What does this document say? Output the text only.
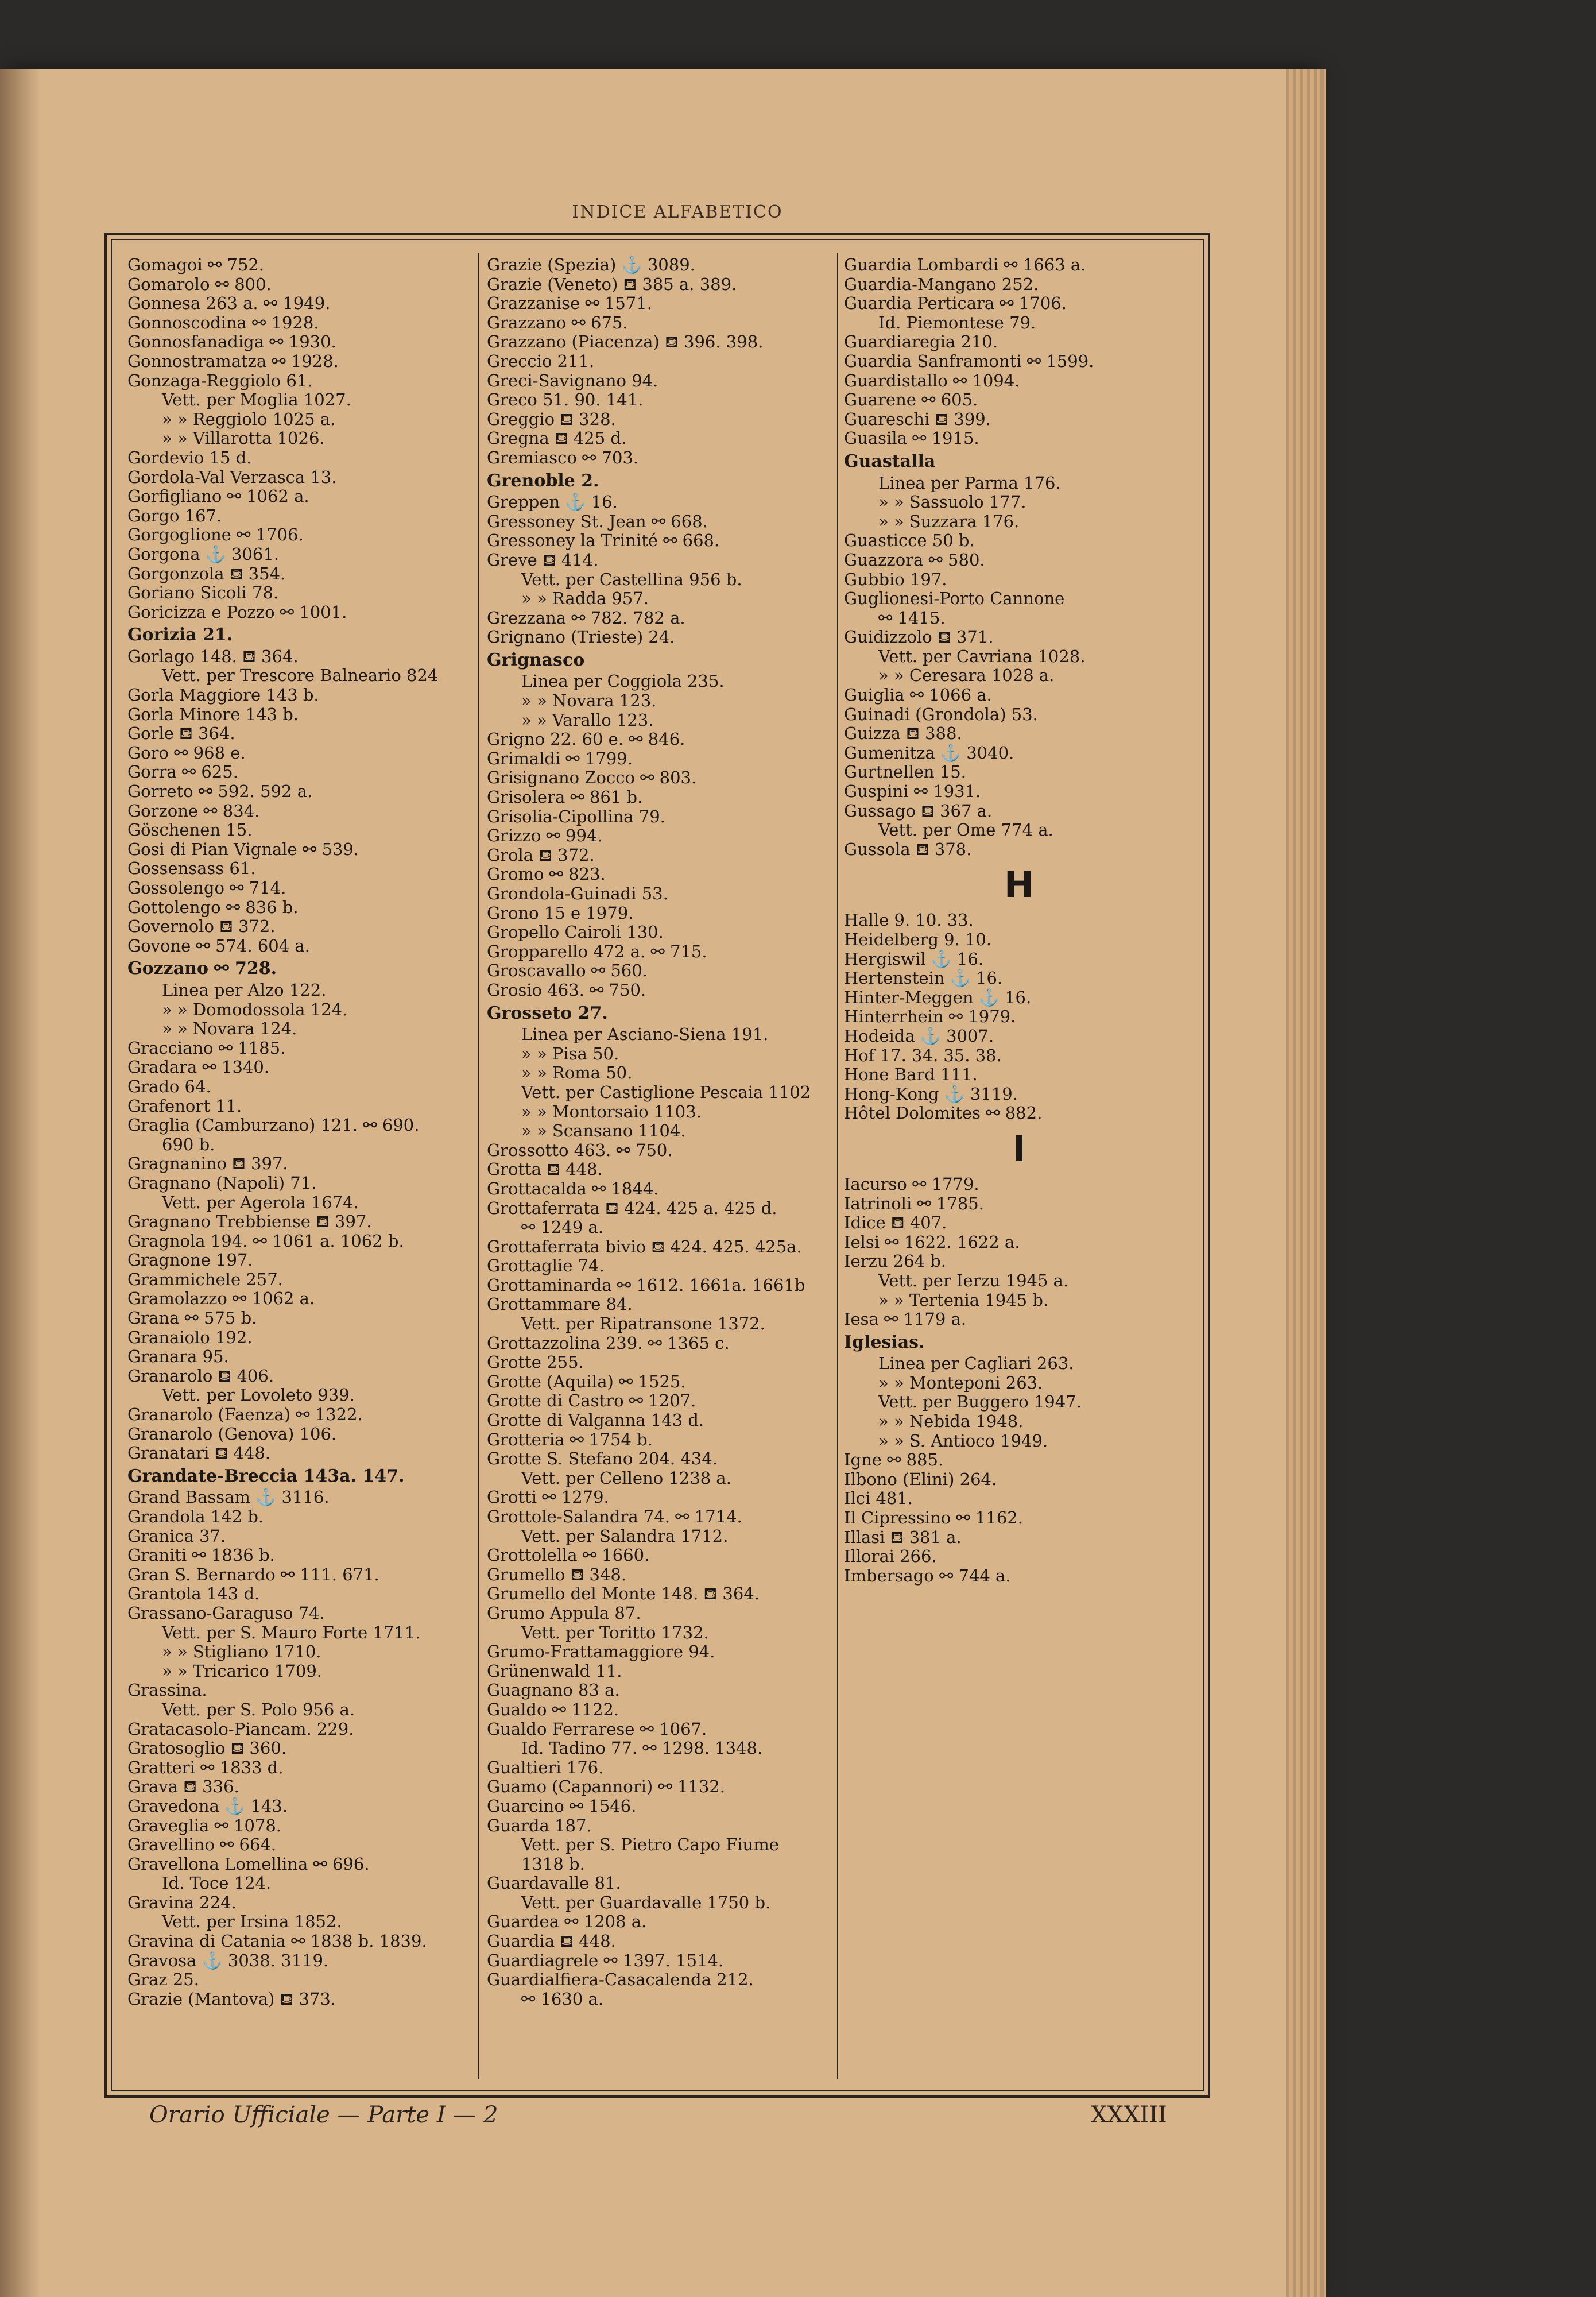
INDICE ALFABETICO
Gomagoi ⚯ 752.
Gomarolo ⚯ 800.
Gonnesa 263 a. ⚯ 1949.
Gonnoscodina ⚯ 1928.
Gonnosfanadiga ⚯ 1930.
Gonnostramatza ⚯ 1928.
Gonzaga-Reggiolo 61.
Vett. per Moglia 1027.
» » Reggiolo 1025 a.
» » Villarotta 1026.
Gordevio 15 d.
Gordola-Val Verzasca 13.
Gorfigliano ⚯ 1062 a.
Gorgo 167.
Gorgoglione ⚯ 1706.
Gorgona ⚓ 3061.
Gorgonzola ⛾ 354.
Goriano Sicoli 78.
Goricizza e Pozzo ⚯ 1001.
Gorizia 21.
Gorlago 148. ⛾ 364.
Vett. per Trescore Balneario 824
Gorla Maggiore 143 b.
Gorla Minore 143 b.
Gorle ⛾ 364.
Goro ⚯ 968 e.
Gorra ⚯ 625.
Gorreto ⚯ 592. 592 a.
Gorzone ⚯ 834.
Göschenen 15.
Gosi di Pian Vignale ⚯ 539.
Gossensass 61.
Gossolengo ⚯ 714.
Gottolengo ⚯ 836 b.
Governolo ⛾ 372.
Govone ⚯ 574. 604 a.
Gozzano ⚯ 728.
Linea per Alzo 122.
» » Domodossola 124.
» » Novara 124.
Gracciano ⚯ 1185.
Gradara ⚯ 1340.
Grado 64.
Grafenort 11.
Graglia (Camburzano) 121. ⚯ 690.
690 b.
Gragnanino ⛾ 397.
Gragnano (Napoli) 71.
Vett. per Agerola 1674.
Gragnano Trebbiense ⛾ 397.
Gragnola 194. ⚯ 1061 a. 1062 b.
Gragnone 197.
Grammichele 257.
Gramolazzo ⚯ 1062 a.
Grana ⚯ 575 b.
Granaiolo 192.
Granara 95.
Granarolo ⛾ 406.
Vett. per Lovoleto 939.
Granarolo (Faenza) ⚯ 1322.
Granarolo (Genova) 106.
Granatari ⛾ 448.
Grandate-Breccia 143a. 147.
Grand Bassam ⚓ 3116.
Grandola 142 b.
Granica 37.
Graniti ⚯ 1836 b.
Gran S. Bernardo ⚯ 111. 671.
Grantola 143 d.
Grassano-Garaguso 74.
Vett. per S. Mauro Forte 1711.
» » Stigliano 1710.
» » Tricarico 1709.
Grassina.
Vett. per S. Polo 956 a.
Gratacasolo-Piancam. 229.
Gratosoglio ⛾ 360.
Gratteri ⚯ 1833 d.
Grava ⛾ 336.
Gravedona ⚓ 143.
Graveglia ⚯ 1078.
Gravellino ⚯ 664.
Gravellona Lomellina ⚯ 696.
Id. Toce 124.
Gravina 224.
Vett. per Irsina 1852.
Gravina di Catania ⚯ 1838 b. 1839.
Gravosa ⚓ 3038. 3119.
Graz 25.
Grazie (Mantova) ⛾ 373.
Grazie (Spezia) ⚓ 3089.
Grazie (Veneto) ⛾ 385 a. 389.
Grazzanise ⚯ 1571.
Grazzano ⚯ 675.
Grazzano (Piacenza) ⛾ 396. 398.
Greccio 211.
Greci-Savignano 94.
Greco 51. 90. 141.
Greggio ⛾ 328.
Gregna ⛾ 425 d.
Gremiasco ⚯ 703.
Grenoble 2.
Greppen ⚓ 16.
Gressoney St. Jean ⚯ 668.
Gressoney la Trinité ⚯ 668.
Greve ⛾ 414.
Vett. per Castellina 956 b.
» » Radda 957.
Grezzana ⚯ 782. 782 a.
Grignano (Trieste) 24.
Grignasco
Linea per Coggiola 235.
» » Novara 123.
» » Varallo 123.
Grigno 22. 60 e. ⚯ 846.
Grimaldi ⚯ 1799.
Grisignano Zocco ⚯ 803.
Grisolera ⚯ 861 b.
Grisolia-Cipollina 79.
Grizzo ⚯ 994.
Grola ⛾ 372.
Gromo ⚯ 823.
Grondola-Guinadi 53.
Grono 15 e 1979.
Gropello Cairoli 130.
Gropparello 472 a. ⚯ 715.
Groscavallo ⚯ 560.
Grosio 463. ⚯ 750.
Grosseto 27.
Linea per Asciano-Siena 191.
» » Pisa 50.
» » Roma 50.
Vett. per Castiglione Pescaia 1102
» » Montorsaio 1103.
» » Scansano 1104.
Grossotto 463. ⚯ 750.
Grotta ⛾ 448.
Grottacalda ⚯ 1844.
Grottaferrata ⛾ 424. 425 a. 425 d.
⚯ 1249 a.
Grottaferrata bivio ⛾ 424. 425. 425a.
Grottaglie 74.
Grottaminarda ⚯ 1612. 1661a. 1661b
Grottammare 84.
Vett. per Ripatransone 1372.
Grottazzolina 239. ⚯ 1365 c.
Grotte 255.
Grotte (Aquila) ⚯ 1525.
Grotte di Castro ⚯ 1207.
Grotte di Valganna 143 d.
Grotteria ⚯ 1754 b.
Grotte S. Stefano 204. 434.
Vett. per Celleno 1238 a.
Grotti ⚯ 1279.
Grottole-Salandra 74. ⚯ 1714.
Vett. per Salandra 1712.
Grottolella ⚯ 1660.
Grumello ⛾ 348.
Grumello del Monte 148. ⛾ 364.
Grumo Appula 87.
Vett. per Toritto 1732.
Grumo-Frattamaggiore 94.
Grünenwald 11.
Guagnano 83 a.
Gualdo ⚯ 1122.
Gualdo Ferrarese ⚯ 1067.
Id. Tadino 77. ⚯ 1298. 1348.
Gualtieri 176.
Guamo (Capannori) ⚯ 1132.
Guarcino ⚯ 1546.
Guarda 187.
Vett. per S. Pietro Capo Fiume
1318 b.
Guardavalle 81.
Vett. per Guardavalle 1750 b.
Guardea ⚯ 1208 a.
Guardia ⛾ 448.
Guardiagrele ⚯ 1397. 1514.
Guardialfiera-Casacalenda 212.
⚯ 1630 a.
Guardia Lombardi ⚯ 1663 a.
Guardia-Mangano 252.
Guardia Perticara ⚯ 1706.
Id. Piemontese 79.
Guardiaregia 210.
Guardia Sanframonti ⚯ 1599.
Guardistallo ⚯ 1094.
Guarene ⚯ 605.
Guareschi ⛾ 399.
Guasila ⚯ 1915.
Guastalla
Linea per Parma 176.
» » Sassuolo 177.
» » Suzzara 176.
Guasticce 50 b.
Guazzora ⚯ 580.
Gubbio 197.
Guglionesi-Porto Cannone
⚯ 1415.
Guidizzolo ⛾ 371.
Vett. per Cavriana 1028.
» » Ceresara 1028 a.
Guiglia ⚯ 1066 a.
Guinadi (Grondola) 53.
Guizza ⛾ 388.
Gumenitza ⚓ 3040.
Gurtnellen 15.
Guspini ⚯ 1931.
Gussago ⛾ 367 a.
Vett. per Ome 774 a.
Gussola ⛾ 378.
H
Halle 9. 10. 33.
Heidelberg 9. 10.
Hergiswil ⚓ 16.
Hertenstein ⚓ 16.
Hinter-Meggen ⚓ 16.
Hinterrhein ⚯ 1979.
Hodeida ⚓ 3007.
Hof 17. 34. 35. 38.
Hone Bard 111.
Hong-Kong ⚓ 3119.
Hôtel Dolomites ⚯ 882.
I
Iacurso ⚯ 1779.
Iatrinoli ⚯ 1785.
Idice ⛾ 407.
Ielsi ⚯ 1622. 1622 a.
Ierzu 264 b.
Vett. per Ierzu 1945 a.
» » Tertenia 1945 b.
Iesa ⚯ 1179 a.
Iglesias.
Linea per Cagliari 263.
» » Monteponi 263.
Vett. per Buggero 1947.
» » Nebida 1948.
» » S. Antioco 1949.
Igne ⚯ 885.
Ilbono (Elini) 264.
Ilci 481.
Il Cipressino ⚯ 1162.
Illasi ⛾ 381 a.
Illorai 266.
Imbersago ⚯ 744 a.
Orario Ufficiale — Parte I — 2	XXXIII
